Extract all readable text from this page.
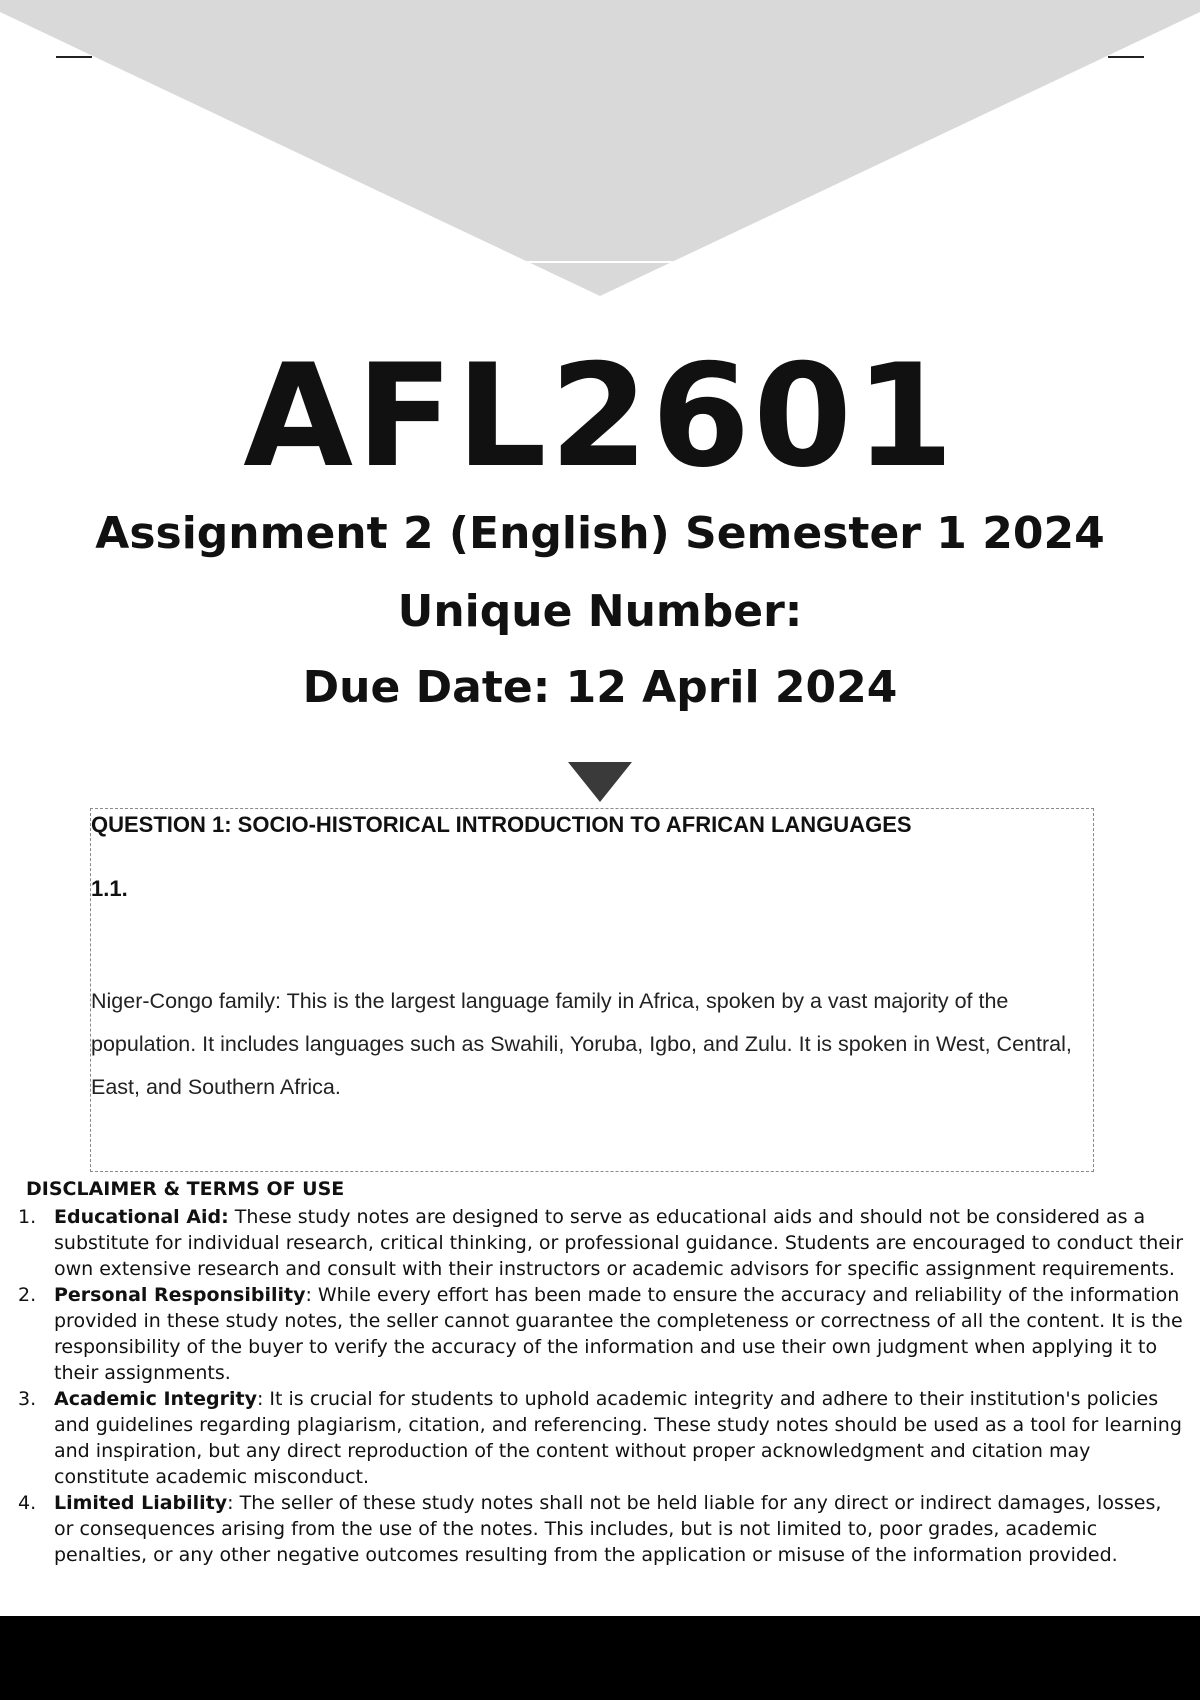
AFL2601
Assignment 2 (English) Semester 1 2024
Unique Number:
Due Date: 12 April 2024
QUESTION 1: SOCIO-HISTORICAL INTRODUCTION TO AFRICAN LANGUAGES
1.1.
Niger-Congo family: This is the largest language family in Africa, spoken by a vast majority of the population. It includes languages such as Swahili, Yoruba, Igbo, and Zulu. It is spoken in West, Central, East, and Southern Africa.
DISCLAIMER & TERMS OF USE
1. Educational Aid: These study notes are designed to serve as educational aids and should not be considered as a substitute for individual research, critical thinking, or professional guidance. Students are encouraged to conduct their own extensive research and consult with their instructors or academic advisors for specific assignment requirements.
2. Personal Responsibility: While every effort has been made to ensure the accuracy and reliability of the information provided in these study notes, the seller cannot guarantee the completeness or correctness of all the content. It is the responsibility of the buyer to verify the accuracy of the information and use their own judgment when applying it to their assignments.
3. Academic Integrity: It is crucial for students to uphold academic integrity and adhere to their institution's policies and guidelines regarding plagiarism, citation, and referencing. These study notes should be used as a tool for learning and inspiration, but any direct reproduction of the content without proper acknowledgment and citation may constitute academic misconduct.
4. Limited Liability: The seller of these study notes shall not be held liable for any direct or indirect damages, losses, or consequences arising from the use of the notes. This includes, but is not limited to, poor grades, academic penalties, or any other negative outcomes resulting from the application or misuse of the information provided.
